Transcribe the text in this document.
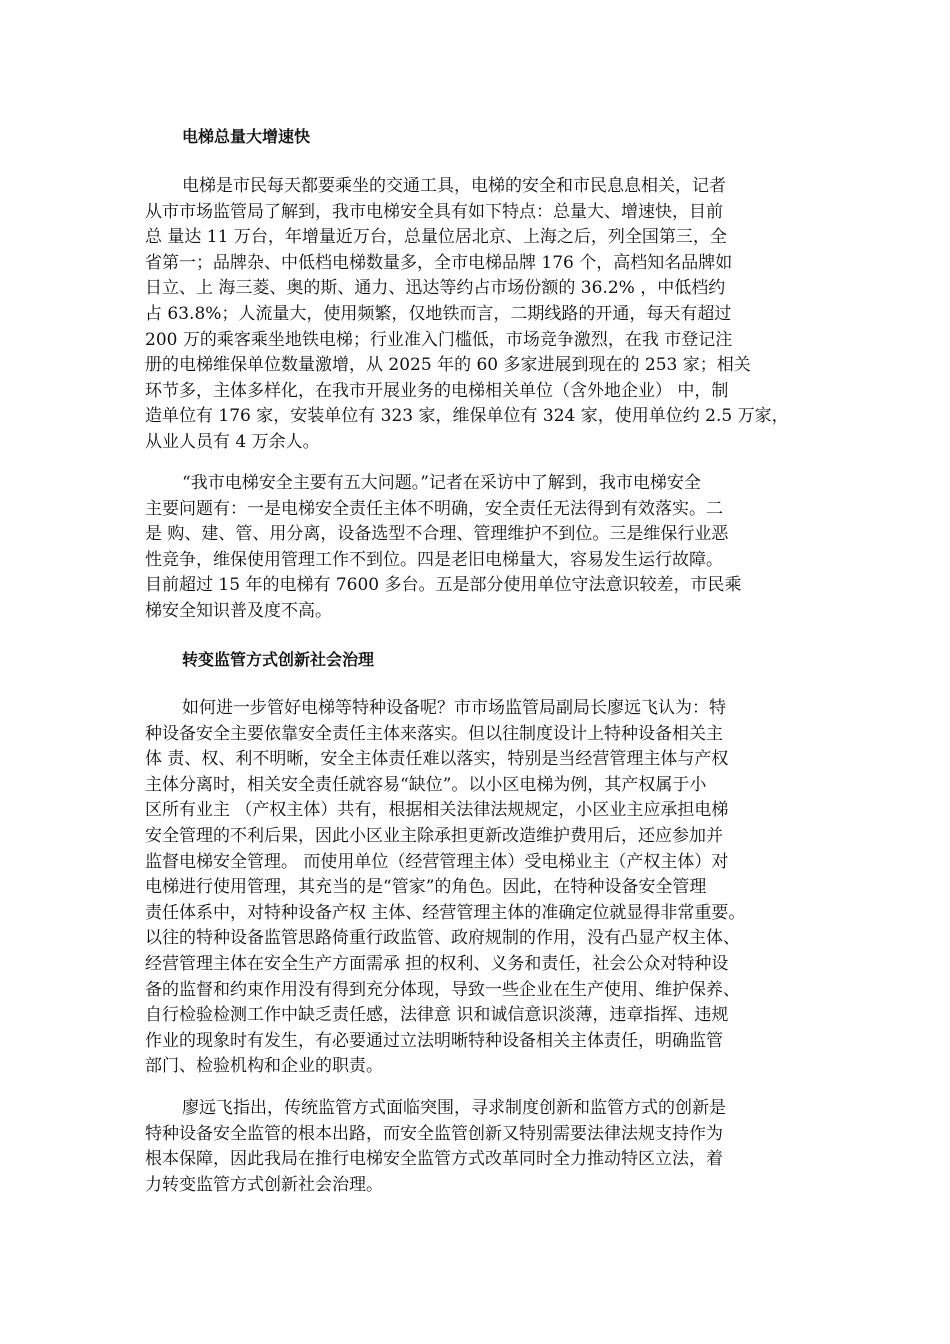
电梯总量大增速快

电梯是市民每天都要乘坐的交通工具，电梯的安全和市民息息相关，记者
从市市场监管局了解到，我市电梯安全具有如下特点：总量大、增速快，目前
总 量达 11 万台，年增量近万台，总量位居北京、上海之后，列全国第三，全
省第一；品牌杂、中低档电梯数量多，全市电梯品牌 176 个，高档知名品牌如
日立、上 海三菱、奥的斯、通力、迅达等约占市场份额的 36.2% ，中低档约
占 63.8%；人流量大，使用频繁，仅地铁而言，二期线路的开通，每天有超过
200 万的乘客乘坐地铁电梯；行业准入门槛低，市场竞争激烈，在我 市登记注
册的电梯维保单位数量激增，从 2025 年的 60 多家进展到现在的 253 家；相关
环节多，主体多样化，在我市开展业务的电梯相关单位（含外地企业） 中，制
造单位有 176 家，安装单位有 323 家，维保单位有 324 家，使用单位约 2.5 万家，
从业人员有 4 万余人。

“我市电梯安全主要有五大问题。”记者在采访中了解到，我市电梯安全
主要问题有：一是电梯安全责任主体不明确，安全责任无法得到有效落实。二
是 购、建、管、用分离，设备选型不合理、管理维护不到位。三是维保行业恶
性竞争，维保使用管理工作不到位。四是老旧电梯量大，容易发生运行故障。
目前超过 15 年的电梯有 7600 多台。五是部分使用单位守法意识较差，市民乘
梯安全知识普及度不高。

转变监管方式创新社会治理

如何进一步管好电梯等特种设备呢？市市场监管局副局长廖远飞认为：特
种设备安全主要依靠安全责任主体来落实。但以往制度设计上特种设备相关主
体 责、权、利不明晰，安全主体责任难以落实，特别是当经营管理主体与产权
主体分离时，相关安全责任就容易“缺位”。以小区电梯为例，其产权属于小
区所有业主 （产权主体）共有，根据相关法律法规规定，小区业主应承担电梯
安全管理的不利后果，因此小区业主除承担更新改造维护费用后，还应参加并
监督电梯安全管理。 而使用单位（经营管理主体）受电梯业主（产权主体）对
电梯进行使用管理，其充当的是“管家”的角色。因此，在特种设备安全管理
责任体系中，对特种设备产权 主体、经营管理主体的准确定位就显得非常重要。
以往的特种设备监管思路倚重行政监管、政府规制的作用，没有凸显产权主体、
经营管理主体在安全生产方面需承 担的权利、义务和责任，社会公众对特种设
备的监督和约束作用没有得到充分体现，导致一些企业在生产使用、维护保养、
自行检验检测工作中缺乏责任感，法律意 识和诚信意识淡薄，违章指挥、违规
作业的现象时有发生，有必要通过立法明晰特种设备相关主体责任，明确监管
部门、检验机构和企业的职责。

廖远飞指出，传统监管方式面临突围，寻求制度创新和监管方式的创新是
特种设备安全监管的根本出路，而安全监管创新又特别需要法律法规支持作为
根本保障，因此我局在推行电梯安全监管方式改革同时全力推动特区立法，着
力转变监管方式创新社会治理。
